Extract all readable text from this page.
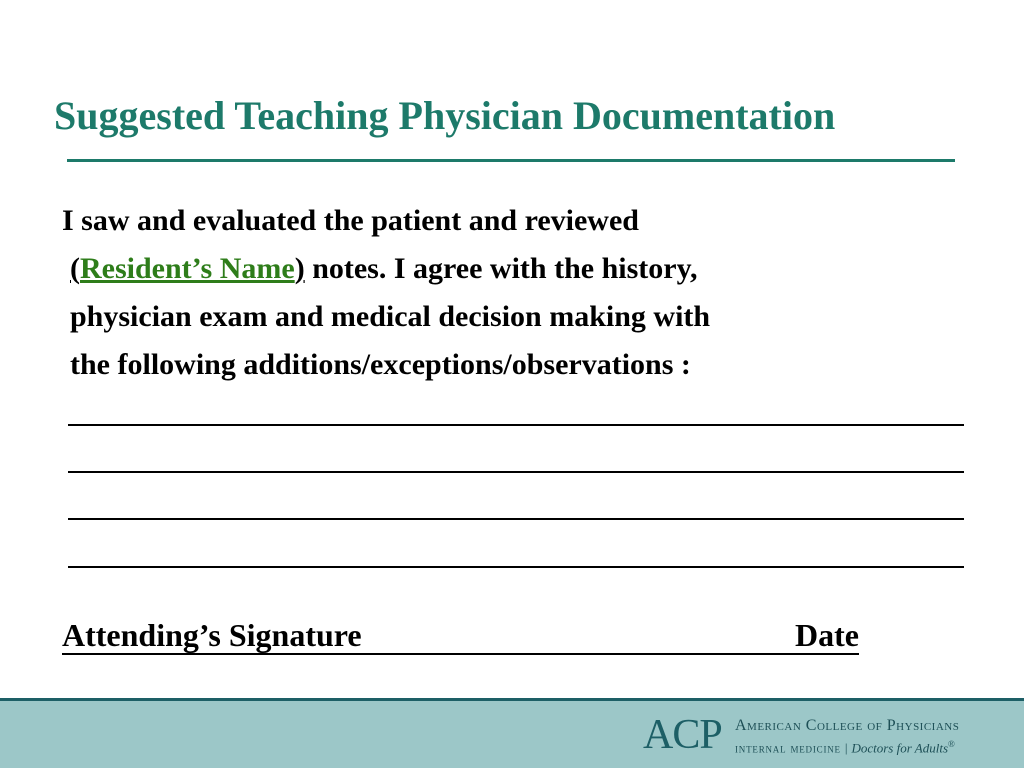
Suggested Teaching Physician Documentation
I saw and evaluated the patient and reviewed
(Resident’s Name) notes. I agree with the history,
physician exam and medical decision making with
the following additions/exceptions/observations :
Attending’s Signature	Date
ACP American College of Physicians
internal medicine | Doctors for Adults®
